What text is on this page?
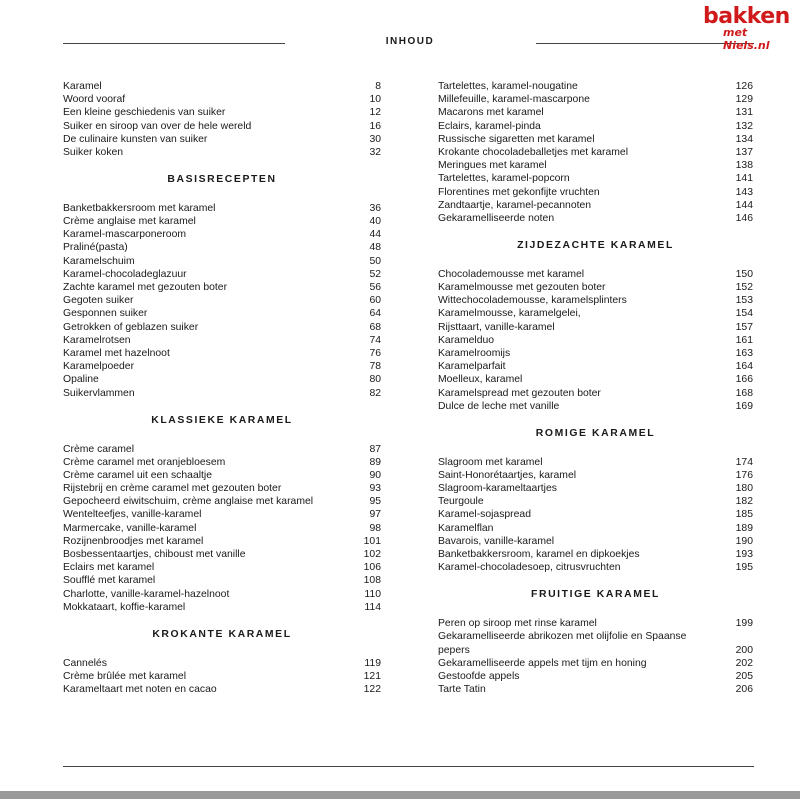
INHOUD
bakken
met Niels.nl
Karamel	8
Woord vooraf	10
Een kleine geschiedenis van suiker	12
Suiker en siroop van over de hele wereld	16
De culinaire kunsten van suiker	30
Suiker koken	32
BASISRECEPTEN
Banketbakkersroom met karamel	36
Crème anglaise met karamel	40
Karamel-mascarponeroom	44
Praliné(pasta)	48
Karamelschuim	50
Karamel-chocoladeglazuur	52
Zachte karamel met gezouten boter	56
Gegoten suiker	60
Gesponnen suiker	64
Getrokken of geblazen suiker	68
Karamelrotsen	74
Karamel met hazelnoot	76
Karamelpoeder	78
Opaline	80
Suikervlammen	82
KLASSIEKE KARAMEL
Crème caramel	87
Crème caramel met oranjebloesem	89
Crème caramel uit een schaaltje	90
Rijstebrij en crème caramel met gezouten boter	93
Gepocheerd eiwitschuim, crème anglaise met karamel	95
Wentelteefjes, vanille-karamel	97
Marmercake, vanille-karamel	98
Rozijnenbroodjes met karamel	101
Bosbessentaartjes, chiboust met vanille	102
Eclairs met karamel	106
Soufflé met karamel	108
Charlotte, vanille-karamel-hazelnoot	110
Mokkataart, koffie-karamel	114
KROKANTE KARAMEL
Cannelés	119
Crème brûlée met karamel	121
Karameltaart met noten en cacao	122
Tartelettes, karamel-nougatine	126
Millefeuille, karamel-mascarpone	129
Macarons met karamel	131
Eclairs, karamel-pinda	132
Russische sigaretten met karamel	134
Krokante chocoladeballetjes met karamel	137
Meringues met karamel	138
Tartelettes, karamel-popcorn	141
Florentines met gekonfijte vruchten	143
Zandtaartje, karamel-pecannoten	144
Gekaramelliseerde noten	146
ZIJDEZACHTE KARAMEL
Chocolademousse met karamel	150
Karamelmousse met gezouten boter	152
Wittechocolademousse, karamelsplinters	153
Karamelmousse, karamelgelei,	154
Rijsttaart, vanille-karamel	157
Karamelduo	161
Karamelroomijs	163
Karamelparfait	164
Moelleux, karamel	166
Karamelspread met gezouten boter	168
Dulce de leche met vanille	169
ROMIGE KARAMEL
Slagroom met karamel	174
Saint-Honorétaartjes, karamel	176
Slagroom-karameltaartjes	180
Teurgoule	182
Karamel-sojaspread	185
Karamelflan	189
Bavarois, vanille-karamel	190
Banketbakkersroom, karamel en dipkoekjes	193
Karamel-chocoladesoep, citrusvruchten	195
FRUITIGE KARAMEL
Peren op siroop met rinse karamel	199
Gekaramelliseerde abrikozen met olijfolie en Spaanse pepers	200
Gekaramelliseerde appels met tijm en honing	202
Gestoofde appels	205
Tarte Tatin	206
